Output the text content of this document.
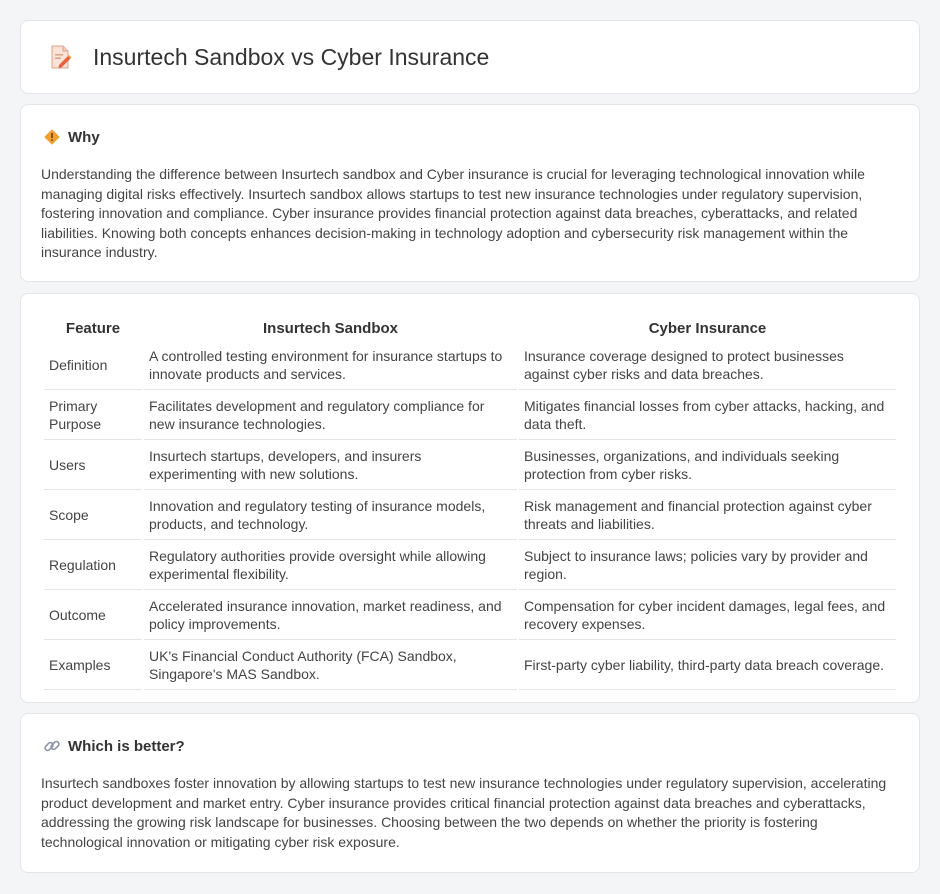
Insurtech Sandbox vs Cyber Insurance
Why

Understanding the difference between Insurtech sandbox and Cyber insurance is crucial for leveraging technological innovation while managing digital risks effectively. Insurtech sandbox allows startups to test new insurance technologies under regulatory supervision, fostering innovation and compliance. Cyber insurance provides financial protection against data breaches, cyberattacks, and related liabilities. Knowing both concepts enhances decision-making in technology adoption and cybersecurity risk management within the insurance industry.

Feature	Insurtech Sandbox	Cyber Insurance
Definition	A controlled testing environment for insurance startups to innovate products and services.	Insurance coverage designed to protect businesses against cyber risks and data breaches.
Primary Purpose	Facilitates development and regulatory compliance for new insurance technologies.	Mitigates financial losses from cyber attacks, hacking, and data theft.
Users	Insurtech startups, developers, and insurers experimenting with new solutions.	Businesses, organizations, and individuals seeking protection from cyber risks.
Scope	Innovation and regulatory testing of insurance models, products, and technology.	Risk management and financial protection against cyber threats and liabilities.
Regulation	Regulatory authorities provide oversight while allowing experimental flexibility.	Subject to insurance laws; policies vary by provider and region.
Outcome	Accelerated insurance innovation, market readiness, and policy improvements.	Compensation for cyber incident damages, legal fees, and recovery expenses.
Examples	UK's Financial Conduct Authority (FCA) Sandbox, Singapore's MAS Sandbox.	First-party cyber liability, third-party data breach coverage.
Which is better?

Insurtech sandboxes foster innovation by allowing startups to test new insurance technologies under regulatory supervision, accelerating product development and market entry. Cyber insurance provides critical financial protection against data breaches and cyberattacks, addressing the growing risk landscape for businesses. Choosing between the two depends on whether the priority is fostering technological innovation or mitigating cyber risk exposure.
